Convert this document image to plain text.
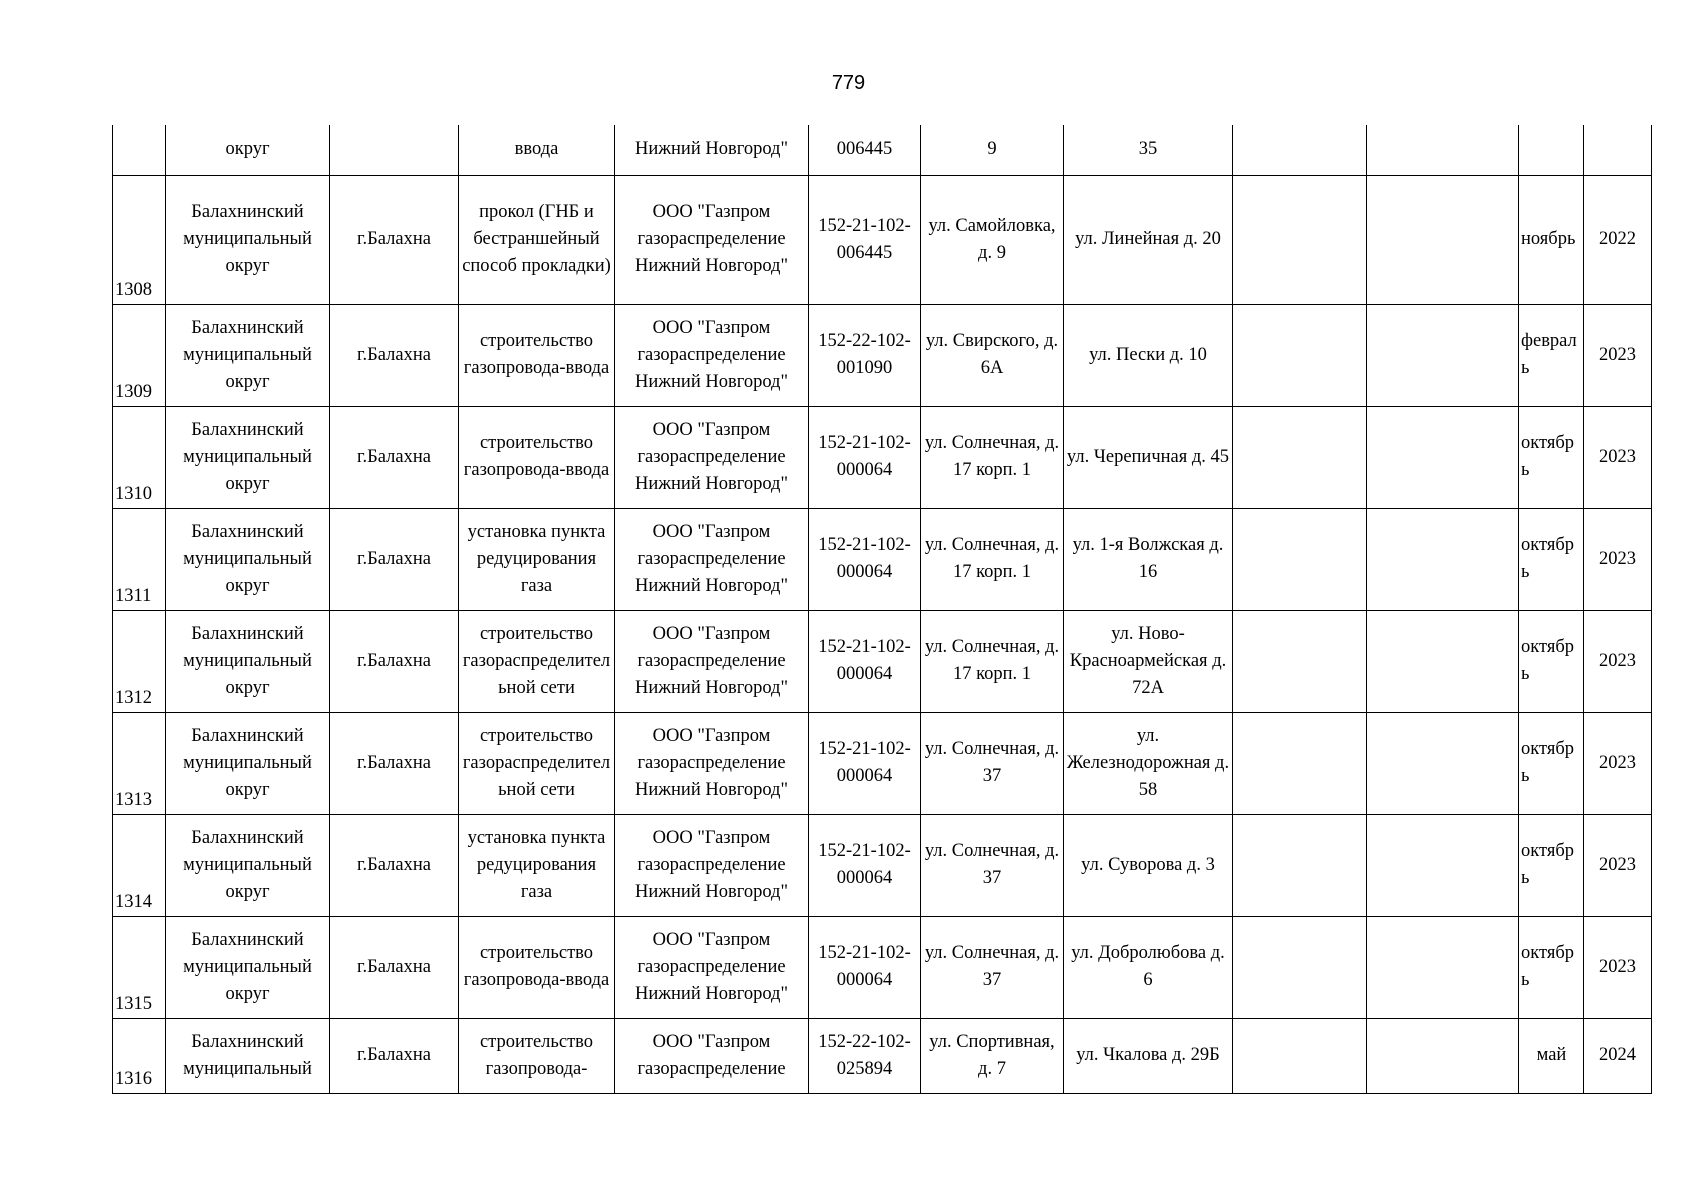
779
	округ		ввода	Нижний Новгород"	006445	9	35				
1308	Балахнинский муниципальный округ	г.Балахна	прокол (ГНБ и бестраншейный способ прокладки)	ООО "Газпром газораспределение Нижний Новгород"	152-21-102-006445	ул. Самойловка, д. 9	ул. Линейная д. 20			ноябрь	2022
1309	Балахнинский муниципальный округ	г.Балахна	строительство газопровода-ввода	ООО "Газпром газораспределение Нижний Новгород"	152-22-102-001090	ул. Свирского, д. 6А	ул. Пески д. 10			февраль	2023
1310	Балахнинский муниципальный округ	г.Балахна	строительство газопровода-ввода	ООО "Газпром газораспределение Нижний Новгород"	152-21-102-000064	ул. Солнечная, д. 17 корп. 1	ул. Черепичная д. 45			октябрь	2023
1311	Балахнинский муниципальный округ	г.Балахна	установка пункта редуцирования газа	ООО "Газпром газораспределение Нижний Новгород"	152-21-102-000064	ул. Солнечная, д. 17 корп. 1	ул. 1-я Волжская д. 16			октябрь	2023
1312	Балахнинский муниципальный округ	г.Балахна	строительство газораспределительной сети	ООО "Газпром газораспределение Нижний Новгород"	152-21-102-000064	ул. Солнечная, д. 17 корп. 1	ул. Ново-Красноармейская д. 72А			октябрь	2023
1313	Балахнинский муниципальный округ	г.Балахна	строительство газораспределительной сети	ООО "Газпром газораспределение Нижний Новгород"	152-21-102-000064	ул. Солнечная, д. 37	ул. Железнодорожная д. 58			октябрь	2023
1314	Балахнинский муниципальный округ	г.Балахна	установка пункта редуцирования газа	ООО "Газпром газораспределение Нижний Новгород"	152-21-102-000064	ул. Солнечная, д. 37	ул. Суворова д. 3			октябрь	2023
1315	Балахнинский муниципальный округ	г.Балахна	строительство газопровода-ввода	ООО "Газпром газораспределение Нижний Новгород"	152-21-102-000064	ул. Солнечная, д. 37	ул. Добролюбова д. 6			октябрь	2023
1316	Балахнинский муниципальный	г.Балахна	строительство газопровода-	ООО "Газпром газораспределение	152-22-102-025894	ул. Спортивная, д. 7	ул. Чкалова д. 29Б			май	2024
